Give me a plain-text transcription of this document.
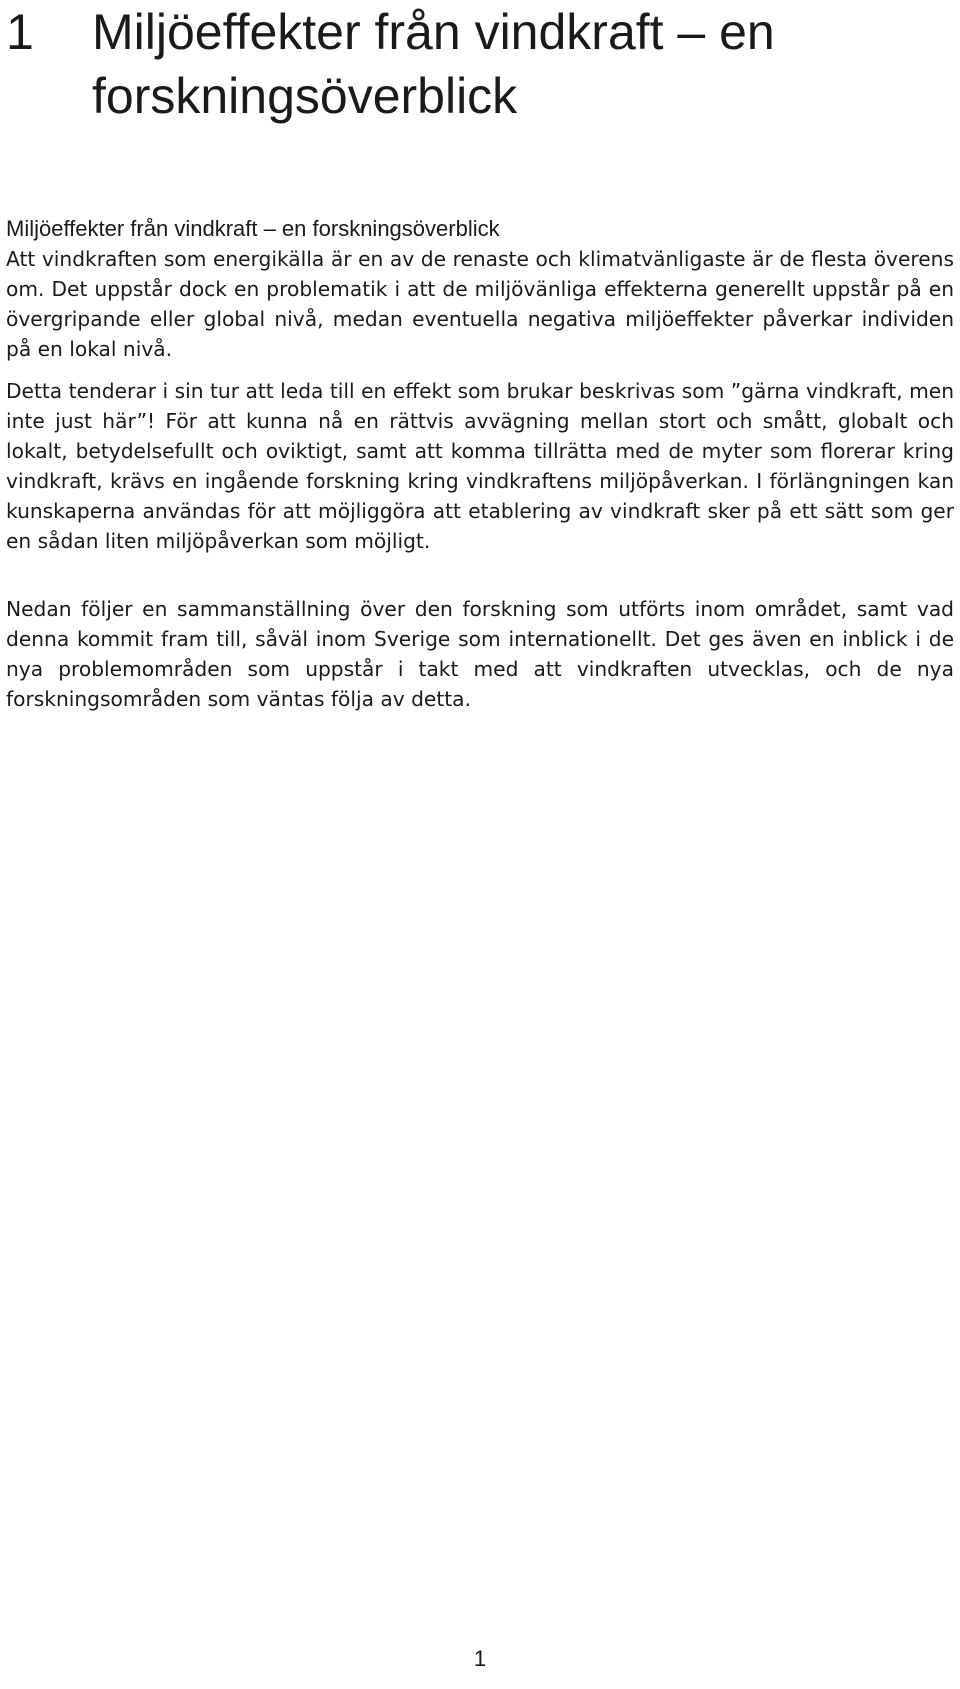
1	Miljöeffekter från vindkraft – en forskningsöverblick

Miljöeffekter från vindkraft – en forskningsöverblick

Att vindkraften som energikälla är en av de renaste och klimatvänligaste är de flesta överens om. Det uppstår dock en problematik i att de miljövänliga effekterna generellt uppstår på en övergripande eller global nivå, medan eventuella negativa miljöeffekter påverkar individen på en lokal nivå.

Detta tenderar i sin tur att leda till en effekt som brukar beskrivas som ”gärna vindkraft, men inte just här”! För att kunna nå en rättvis avvägning mellan stort och smått, globalt och lokalt, betydelsefullt och oviktigt, samt att komma tillrätta med de myter som florerar kring vindkraft, krävs en ingående forskning kring vindkraftens miljöpåverkan. I förlängningen kan kunskaperna användas för att möjliggöra att etablering av vindkraft sker på ett sätt som ger en sådan liten miljöpåverkan som möjligt.

Nedan följer en sammanställning över den forskning som utförts inom området, samt vad denna kommit fram till, såväl inom Sverige som internationellt. Det ges även en inblick i de nya problemområden som uppstår i takt med att vindkraften utvecklas, och de nya forskningsområden som väntas följa av detta.

1
